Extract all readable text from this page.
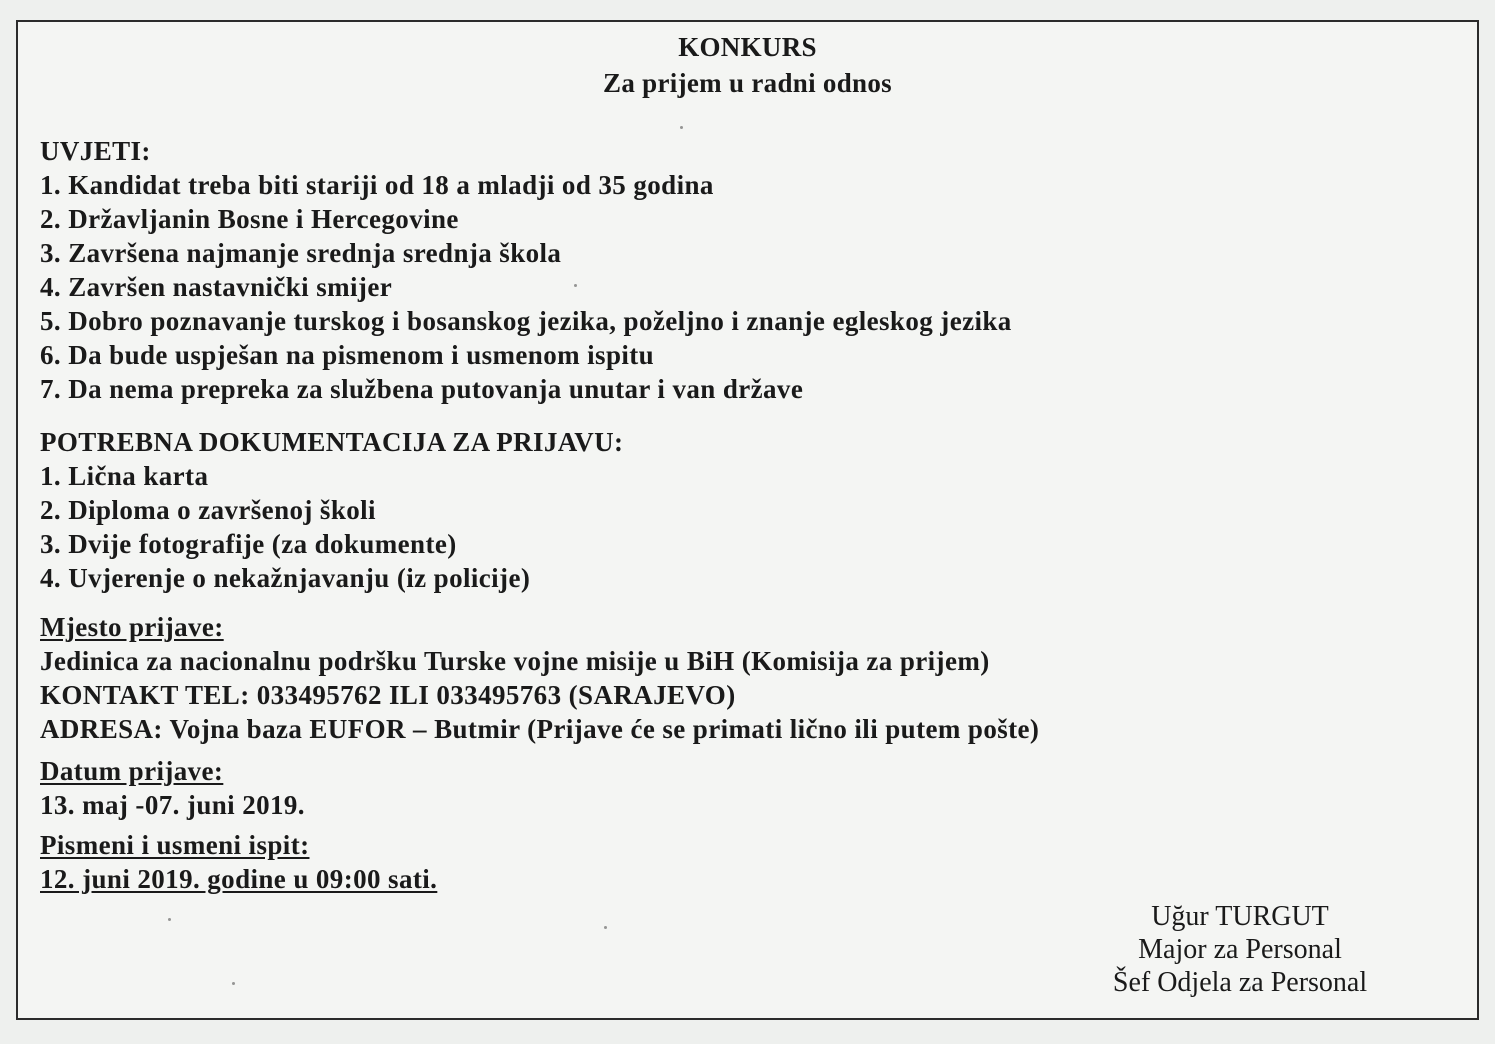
KONKURS
Za prijem u radni odnos
UVJETI:
1. Kandidat treba biti stariji od 18 a mladji od 35 godina
2. Državljanin Bosne i Hercegovine
3. Završena najmanje srednja srednja škola
4. Završen nastavnički smijer
5. Dobro poznavanje turskog i bosanskog jezika, poželjno i znanje egleskog jezika
6. Da bude uspješan na pismenom i usmenom ispitu
7. Da nema prepreka za službena putovanja unutar i van države
POTREBNA DOKUMENTACIJA ZA PRIJAVU:
1. Lična karta
2. Diploma o završenoj školi
3. Dvije fotografije (za dokumente)
4. Uvjerenje o nekažnjavanju (iz policije)
Mjesto prijave:
Jedinica za nacionalnu podršku Turske vojne misije u BiH (Komisija za prijem)
KONTAKT TEL: 033495762 ILI 033495763 (SARAJEVO)
ADRESA: Vojna baza EUFOR – Butmir (Prijave će se primati lično ili putem pošte)
Datum prijave:
13. maj -07. juni 2019.
Pismeni i usmeni ispit:
12. juni 2019. godine u 09:00 sati.
Uğur TURGUT
Major za Personal
Šef Odjela za Personal
